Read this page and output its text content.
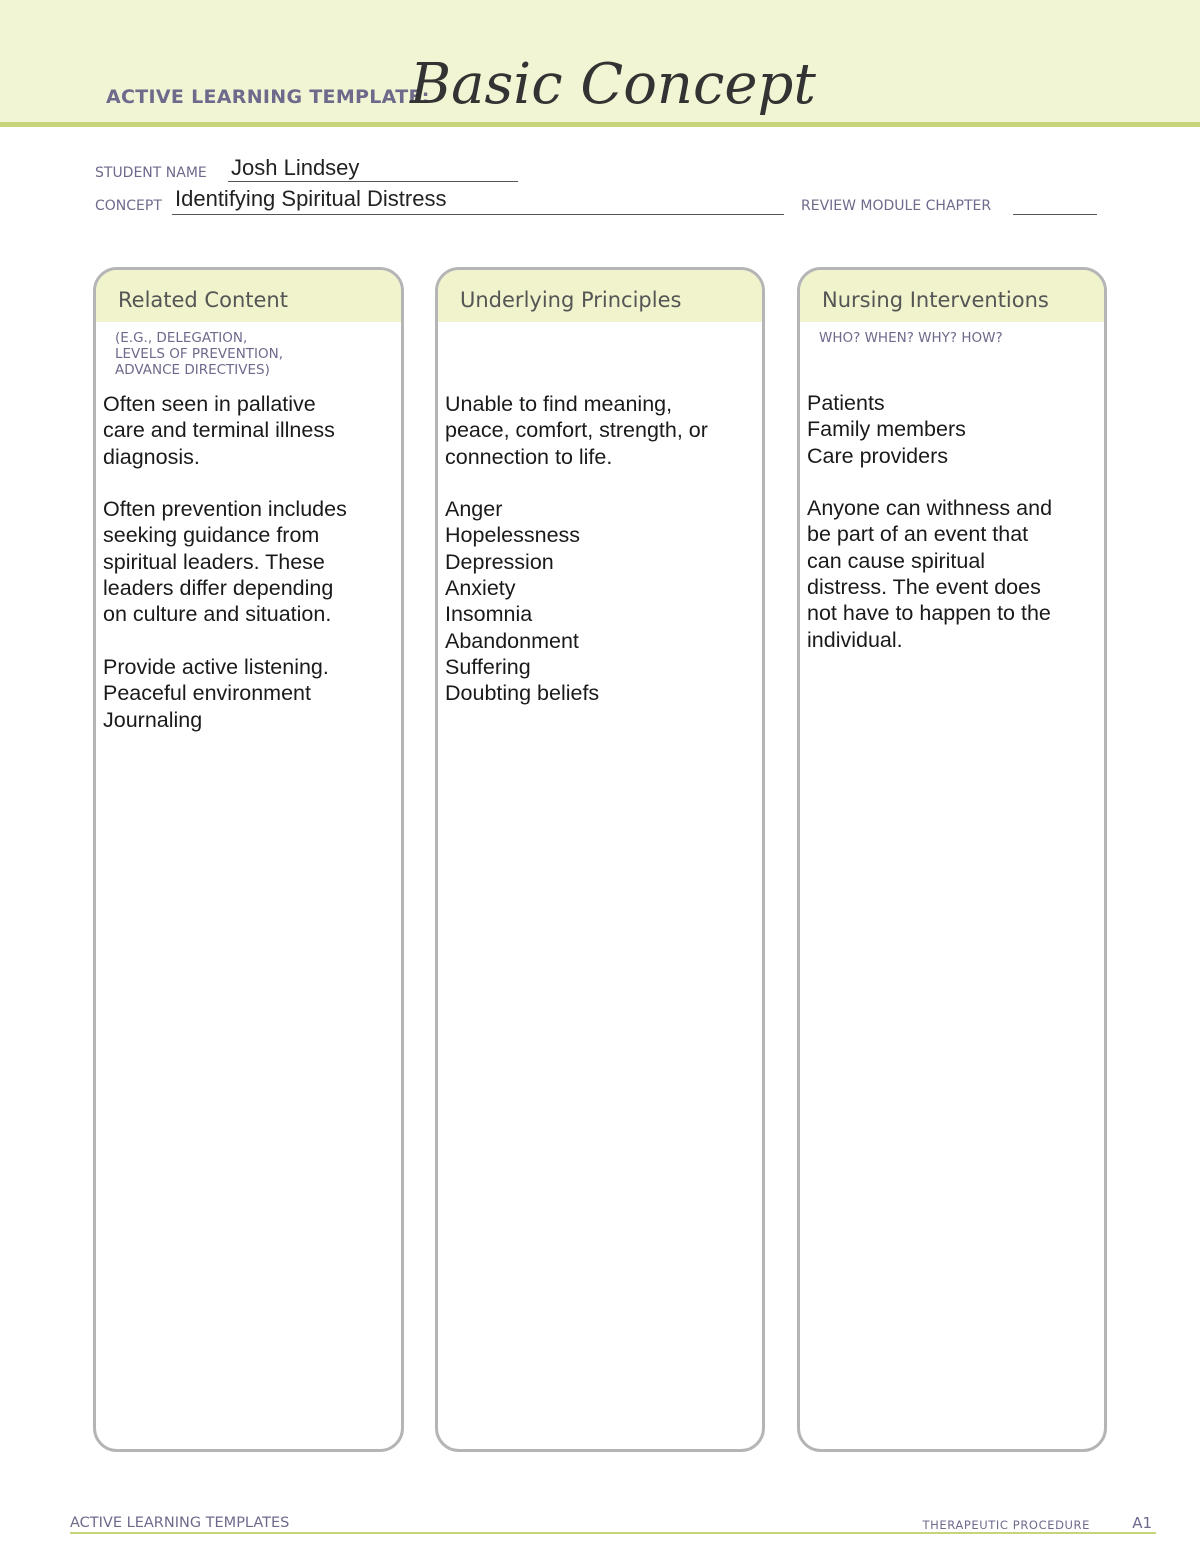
ACTIVE LEARNING TEMPLATE:
Basic Concept
STUDENT NAME Josh Lindsey
CONCEPT Identifying Spiritual Distress	REVIEW MODULE CHAPTER
Related Content
(E.G., DELEGATION,
LEVELS OF PREVENTION,
ADVANCE DIRECTIVES)
Often seen in pallative
care and terminal illness
diagnosis.

Often prevention includes
seeking guidance from
spiritual leaders. These
leaders differ depending
on culture and situation.

Provide active listening.
Peaceful environment
Journaling
Underlying Principles
Unable to find meaning,
peace, comfort, strength, or
connection to life.

Anger
Hopelessness
Depression
Anxiety
Insomnia
Abandonment
Suffering
Doubting beliefs
Nursing Interventions
WHO? WHEN? WHY? HOW?
Patients
Family members
Care providers

Anyone can withness and
be part of an event that
can cause spiritual
distress. The event does
not have to happen to the
individual.
ACTIVE LEARNING TEMPLATES	THERAPEUTIC PROCEDURE	A1
